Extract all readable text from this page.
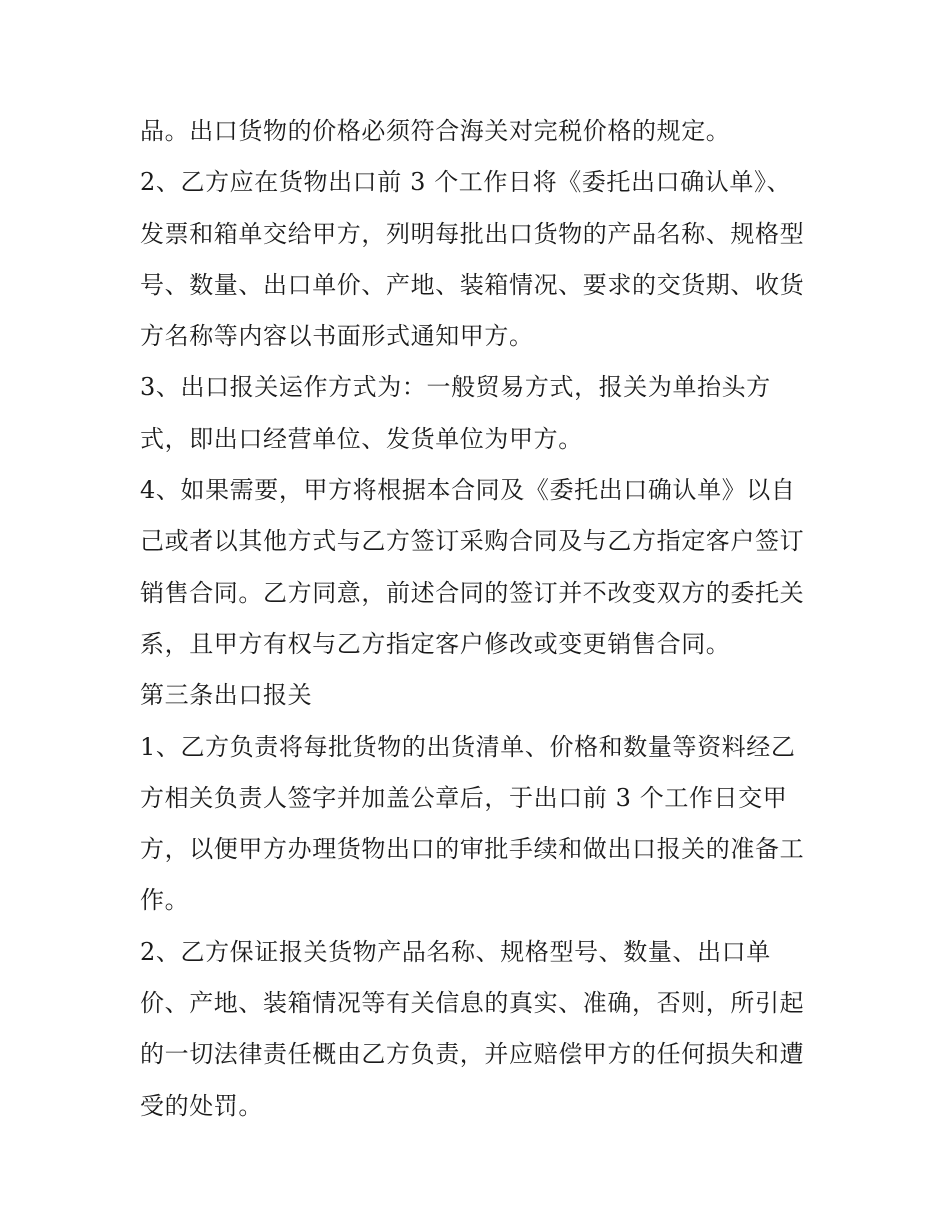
品。出口货物的价格必须符合海关对完税价格的规定。
2、乙方应在货物出口前 3 个工作日将《委托出口确认单》、
发票和箱单交给甲方，列明每批出口货物的产品名称、规格型
号、数量、出口单价、产地、装箱情况、要求的交货期、收货
方名称等内容以书面形式通知甲方。
3、出口报关运作方式为：一般贸易方式，报关为单抬头方
式，即出口经营单位、发货单位为甲方。
4、如果需要，甲方将根据本合同及《委托出口确认单》以自
己或者以其他方式与乙方签订采购合同及与乙方指定客户签订
销售合同。乙方同意，前述合同的签订并不改变双方的委托关
系，且甲方有权与乙方指定客户修改或变更销售合同。
第三条出口报关
1、乙方负责将每批货物的出货清单、价格和数量等资料经乙
方相关负责人签字并加盖公章后，于出口前 3 个工作日交甲
方，以便甲方办理货物出口的审批手续和做出口报关的准备工
作。
2、乙方保证报关货物产品名称、规格型号、数量、出口单
价、产地、装箱情况等有关信息的真实、准确，否则，所引起
的一切法律责任概由乙方负责，并应赔偿甲方的任何损失和遭
受的处罚。
